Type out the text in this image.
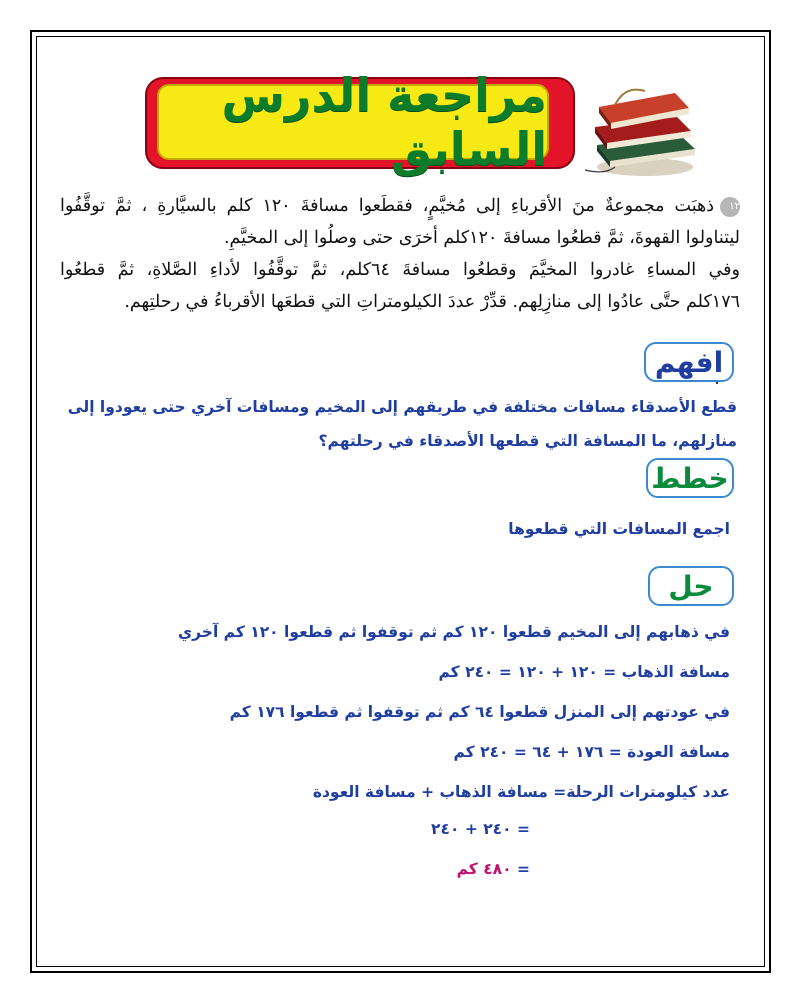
مراجعة الدرس السابق

١٢ذهبَت مجموعةٌ منَ الأقرباءِ إلى مُخيَّمٍ، فقطَعوا مسافةَ ١٢٠ كلم بالسيَّارةِ ، ثمَّ توقَّفُوا

ليتناولوا القهوةَ، ثمَّ قطعُوا مسافةَ ١٢٠كلم أخرَى حتى وصلُوا إلى المخيَّمِ.

وفي المساءِ غادروا المخيَّمَ وقطعُوا مسافةَ ٦٤كلم، ثمَّ توقَّفُوا لأداءِ الصَّلاةِ، ثمَّ قطعُوا

١٧٦كلم حتَّى عادُوا إلى منازِلِهم. قدِّرْ عددَ الكيلومتراتِ التي قطعَها الأقرباءُ في رحلتِهم.

افهم
قطع الأصدقاء مسافات مختلفة في طريقهم إلى المخيم ومسافات آخري حتى يعودوا إلى منازلهم، ما المسافة التي قطعها الأصدقاء في رحلتهم؟
خطط
اجمع المسافات التي قطعوها
حل
في ذهابهم إلى المخيم قطعوا ١٢٠ كم ثم توقفوا ثم قطعوا ١٢٠ كم آخري
مسافة الذهاب = ١٢٠ + ١٢٠ = ٢٤٠ كم
في عودتهم إلى المنزل قطعوا ٦٤ كم ثم توقفوا ثم قطعوا ١٧٦ كم
مسافة العودة = ١٧٦ + ٦٤ = ٢٤٠ كم
عدد كيلومترات الرحلة= مسافة الذهاب + مسافة العودة
= ٢٤٠ + ٢٤٠
= ٤٨٠ كم
